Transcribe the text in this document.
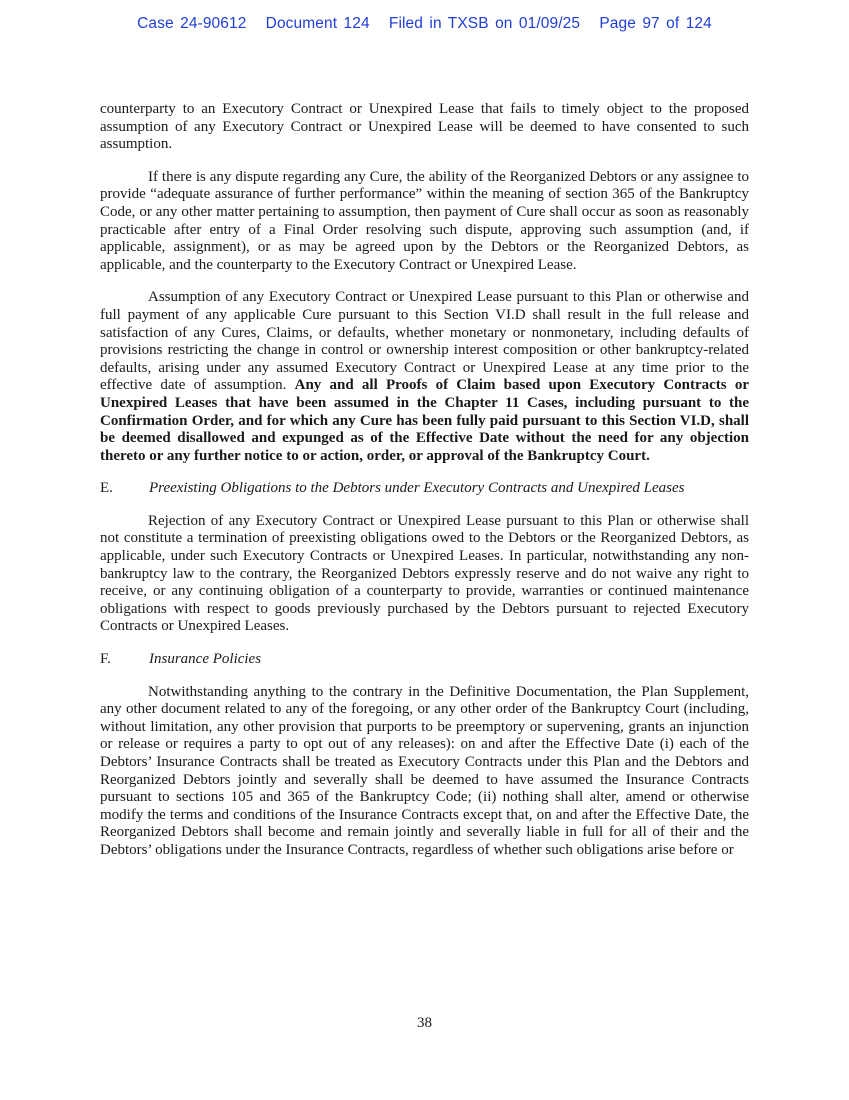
Case 24-90612 Document 124 Filed in TXSB on 01/09/25 Page 97 of 124

counterparty to an Executory Contract or Unexpired Lease that fails to timely object to the proposed assumption of any Executory Contract or Unexpired Lease will be deemed to have consented to such assumption.

If there is any dispute regarding any Cure, the ability of the Reorganized Debtors or any assignee to provide “adequate assurance of further performance” within the meaning of section 365 of the Bankruptcy Code, or any other matter pertaining to assumption, then payment of Cure shall occur as soon as reasonably practicable after entry of a Final Order resolving such dispute, approving such assumption (and, if applicable, assignment), or as may be agreed upon by the Debtors or the Reorganized Debtors, as applicable, and the counterparty to the Executory Contract or Unexpired Lease.

Assumption of any Executory Contract or Unexpired Lease pursuant to this Plan or otherwise and full payment of any applicable Cure pursuant to this Section VI.D shall result in the full release and satisfaction of any Cures, Claims, or defaults, whether monetary or nonmonetary, including defaults of provisions restricting the change in control or ownership interest composition or other bankruptcy-related defaults, arising under any assumed Executory Contract or Unexpired Lease at any time prior to the effective date of assumption. Any and all Proofs of Claim based upon Executory Contracts or Unexpired Leases that have been assumed in the Chapter 11 Cases, including pursuant to the Confirmation Order, and for which any Cure has been fully paid pursuant to this Section VI.D, shall be deemed disallowed and expunged as of the Effective Date without the need for any objection thereto or any further notice to or action, order, or approval of the Bankruptcy Court.

E.	Preexisting Obligations to the Debtors under Executory Contracts and Unexpired Leases

Rejection of any Executory Contract or Unexpired Lease pursuant to this Plan or otherwise shall not constitute a termination of preexisting obligations owed to the Debtors or the Reorganized Debtors, as applicable, under such Executory Contracts or Unexpired Leases. In particular, notwithstanding any non-bankruptcy law to the contrary, the Reorganized Debtors expressly reserve and do not waive any right to receive, or any continuing obligation of a counterparty to provide, warranties or continued maintenance obligations with respect to goods previously purchased by the Debtors pursuant to rejected Executory Contracts or Unexpired Leases.

F.	Insurance Policies

Notwithstanding anything to the contrary in the Definitive Documentation, the Plan Supplement, any other document related to any of the foregoing, or any other order of the Bankruptcy Court (including, without limitation, any other provision that purports to be preemptory or supervening, grants an injunction or release or requires a party to opt out of any releases): on and after the Effective Date (i) each of the Debtors’ Insurance Contracts shall be treated as Executory Contracts under this Plan and the Debtors and Reorganized Debtors jointly and severally shall be deemed to have assumed the Insurance Contracts pursuant to sections 105 and 365 of the Bankruptcy Code; (ii) nothing shall alter, amend or otherwise modify the terms and conditions of the Insurance Contracts except that, on and after the Effective Date, the Reorganized Debtors shall become and remain jointly and severally liable in full for all of their and the Debtors’ obligations under the Insurance Contracts, regardless of whether such obligations arise before or

38
